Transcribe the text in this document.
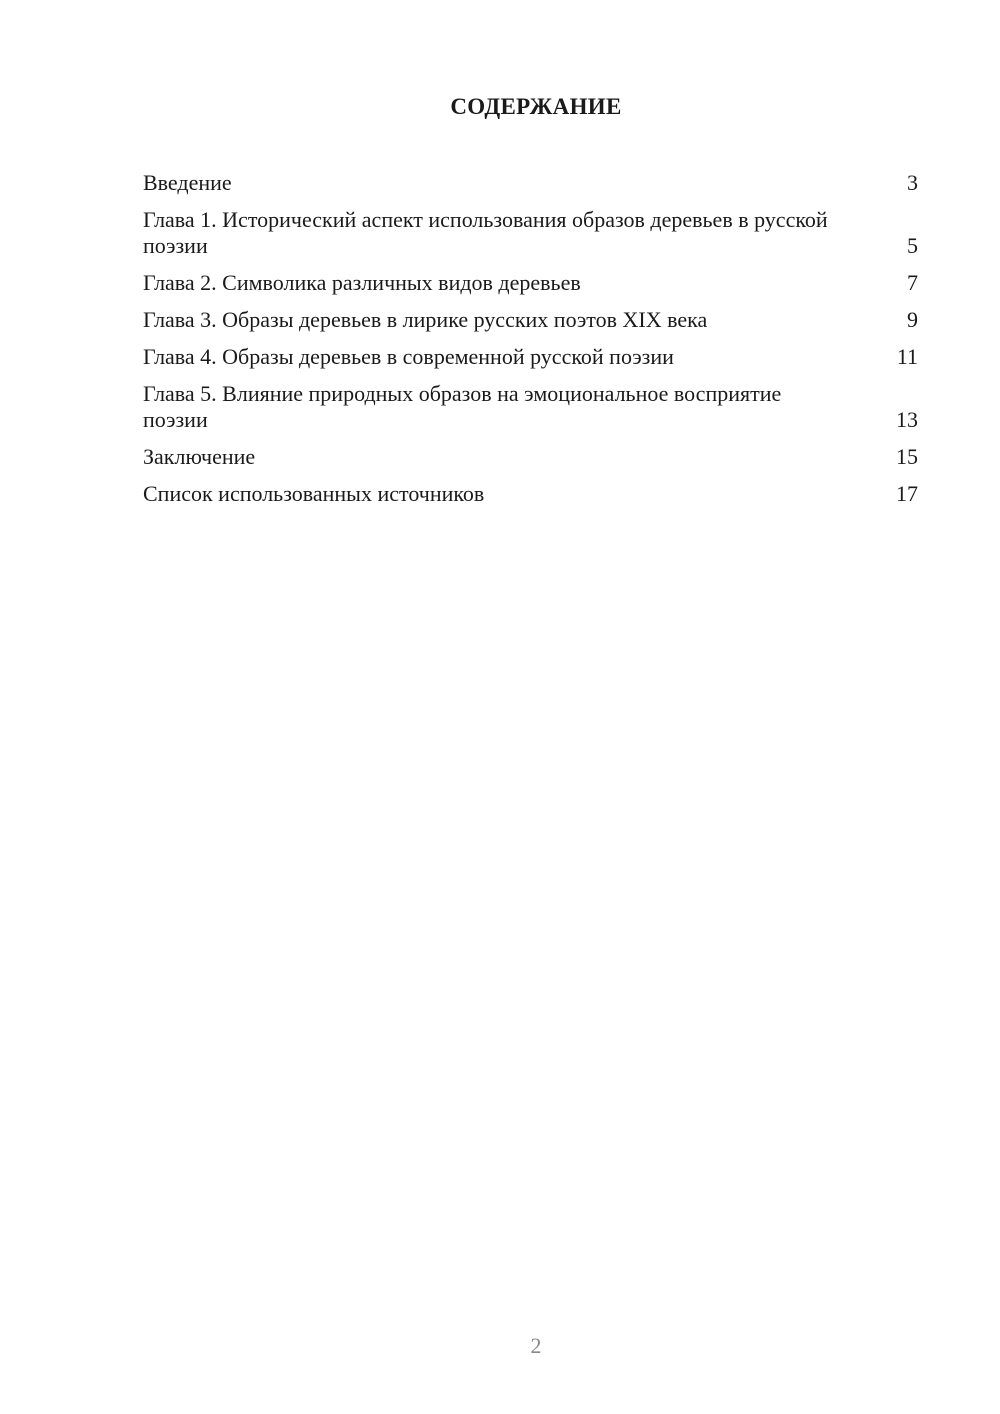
СОДЕРЖАНИЕ
Введение	3
Глава 1. Исторический аспект использования образов деревьев в русской поэзии	5
Глава 2. Символика различных видов деревьев	7
Глава 3. Образы деревьев в лирике русских поэтов XIX века	9
Глава 4. Образы деревьев в современной русской поэзии	11
Глава 5. Влияние природных образов на эмоциональное восприятие поэзии	13
Заключение	15
Список использованных источников	17
2
